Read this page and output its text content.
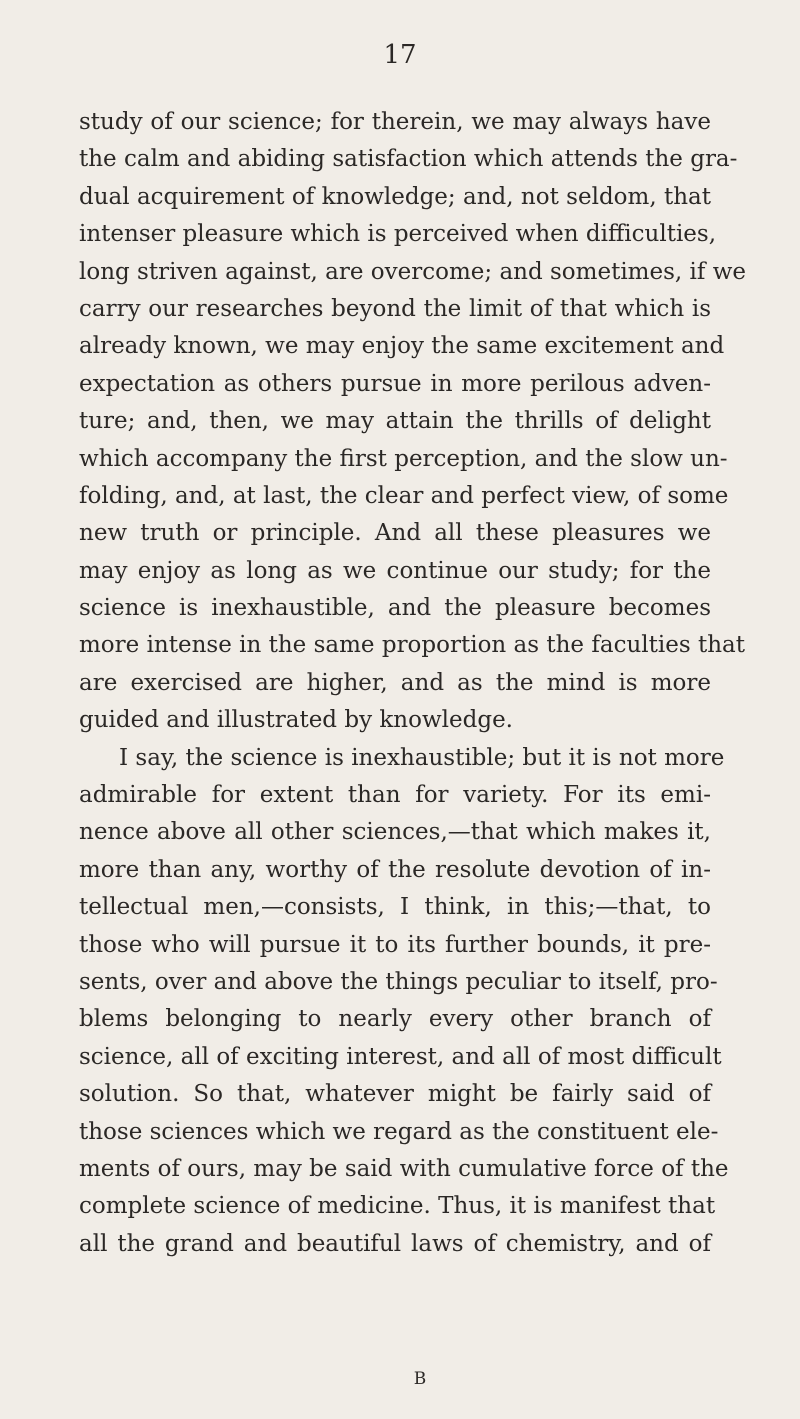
17
study of our science; for therein, we may always have
the calm and abiding satisfaction which attends the gra-
dual acquirement of knowledge; and, not seldom, that
intenser pleasure which is perceived when difficulties,
long striven against, are overcome; and sometimes, if we
carry our researches beyond the limit of that which is
already known, we may enjoy the same excitement and
expectation as others pursue in more perilous adven-
ture; and, then, we may attain the thrills of delight
which accompany the first perception, and the slow un-
folding, and, at last, the clear and perfect view, of some
new truth or principle. And all these pleasures we
may enjoy as long as we continue our study; for the
science is inexhaustible, and the pleasure becomes
more intense in the same proportion as the faculties that
are exercised are higher, and as the mind is more
guided and illustrated by knowledge.
I say, the science is inexhaustible; but it is not more
admirable for extent than for variety. For its emi-
nence above all other sciences,—that which makes it,
more than any, worthy of the resolute devotion of in-
tellectual men,—consists, I think, in this;—that, to
those who will pursue it to its further bounds, it pre-
sents, over and above the things peculiar to itself, pro-
blems belonging to nearly every other branch of
science, all of exciting interest, and all of most difficult
solution. So that, whatever might be fairly said of
those sciences which we regard as the constituent ele-
ments of ours, may be said with cumulative force of the
complete science of medicine. Thus, it is manifest that
all the grand and beautiful laws of chemistry, and of
B
